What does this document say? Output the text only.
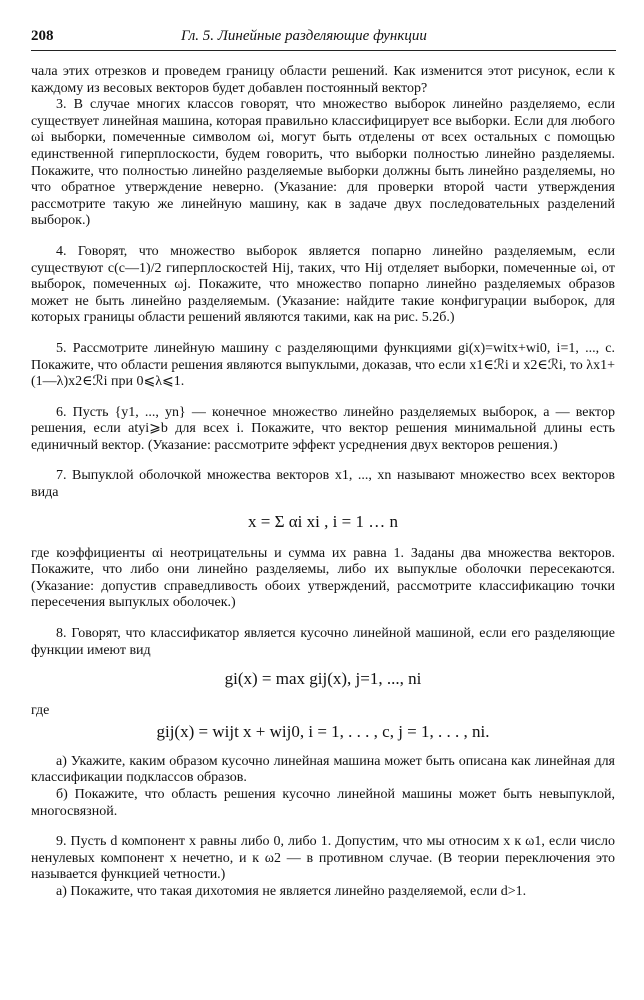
208	Гл. 5. Линейные разделяющие функции

чала этих отрезков и проведем границу области решений. Как изменится этот рисунок, если к каждому из весовых векторов будет добавлен постоянный вектор?

3. В случае многих классов говорят, что множество выборок линейно разделяемо, если существует линейная машина, которая правильно классифицирует все выборки. Если для любого ωi выборки, помеченные символом ωi, могут быть отделены от всех остальных с помощью единственной гиперплоскости, будем говорить, что выборки полностью линейно разделяемы. Покажите, что полностью линейно разделяемые выборки должны быть линейно разделяемы, но что обратное утверждение неверно. (Указание: для проверки второй части утверждения рассмотрите такую же линейную машину, как в задаче двух последовательных разделений выборок.)

4. Говорят, что множество выборок является попарно линейно разделяемым, если существуют c(c—1)/2 гиперплоскостей Hij, таких, что Hij отделяет выборки, помеченные ωi, от выборок, помеченных ωj. Покажите, что множество попарно линейно разделяемых образов может не быть линейно разделяемым. (Указание: найдите такие конфигурации выборок, для которых границы области решений являются такими, как на рис. 5.2б.)

5. Рассмотрите линейную машину с разделяющими функциями gi(x)=witx+wi0, i=1, ..., c. Покажите, что области решения являются выпуклыми, доказав, что если x1∈ℛi и x2∈ℛi, то λx1+(1—λ)x2∈ℛi при 0⩽λ⩽1.

6. Пусть {y1, ..., yn} — конечное множество линейно разделяемых выборок, a — вектор решения, если atyi⩾b для всех i. Покажите, что вектор решения минимальной длины есть единичный вектор. (Указание: рассмотрите эффект усреднения двух векторов решения.)

7. Выпуклой оболочкой множества векторов x1, ..., xn называют множество всех векторов вида

x = Σ αi xi , i = 1 … n

где коэффициенты αi неотрицательны и сумма их равна 1. Заданы два множества векторов. Покажите, что либо они линейно разделяемы, либо их выпуклые оболочки пересекаются. (Указание: допустив справедливость обоих утверждений, рассмотрите классификацию точки пересечения выпуклых оболочек.)

8. Говорят, что классификатор является кусочно линейной машиной, если его разделяющие функции имеют вид

gi(x) = max gij(x), j=1, ..., ni

где

gij(x) = wijt x + wij0, i = 1, . . . , c, j = 1, . . . , ni.

а) Укажите, каким образом кусочно линейная машина может быть описана как линейная для классификации подклассов образов.

б) Покажите, что область решения кусочно линейной машины может быть невыпуклой, многосвязной.

9. Пусть d компонент x равны либо 0, либо 1. Допустим, что мы относим x к ω1, если число ненулевых компонент x нечетно, и к ω2 — в противном случае. (В теории переключения это называется функцией четности.)

а) Покажите, что такая дихотомия не является линейно разделяемой, если d>1.
